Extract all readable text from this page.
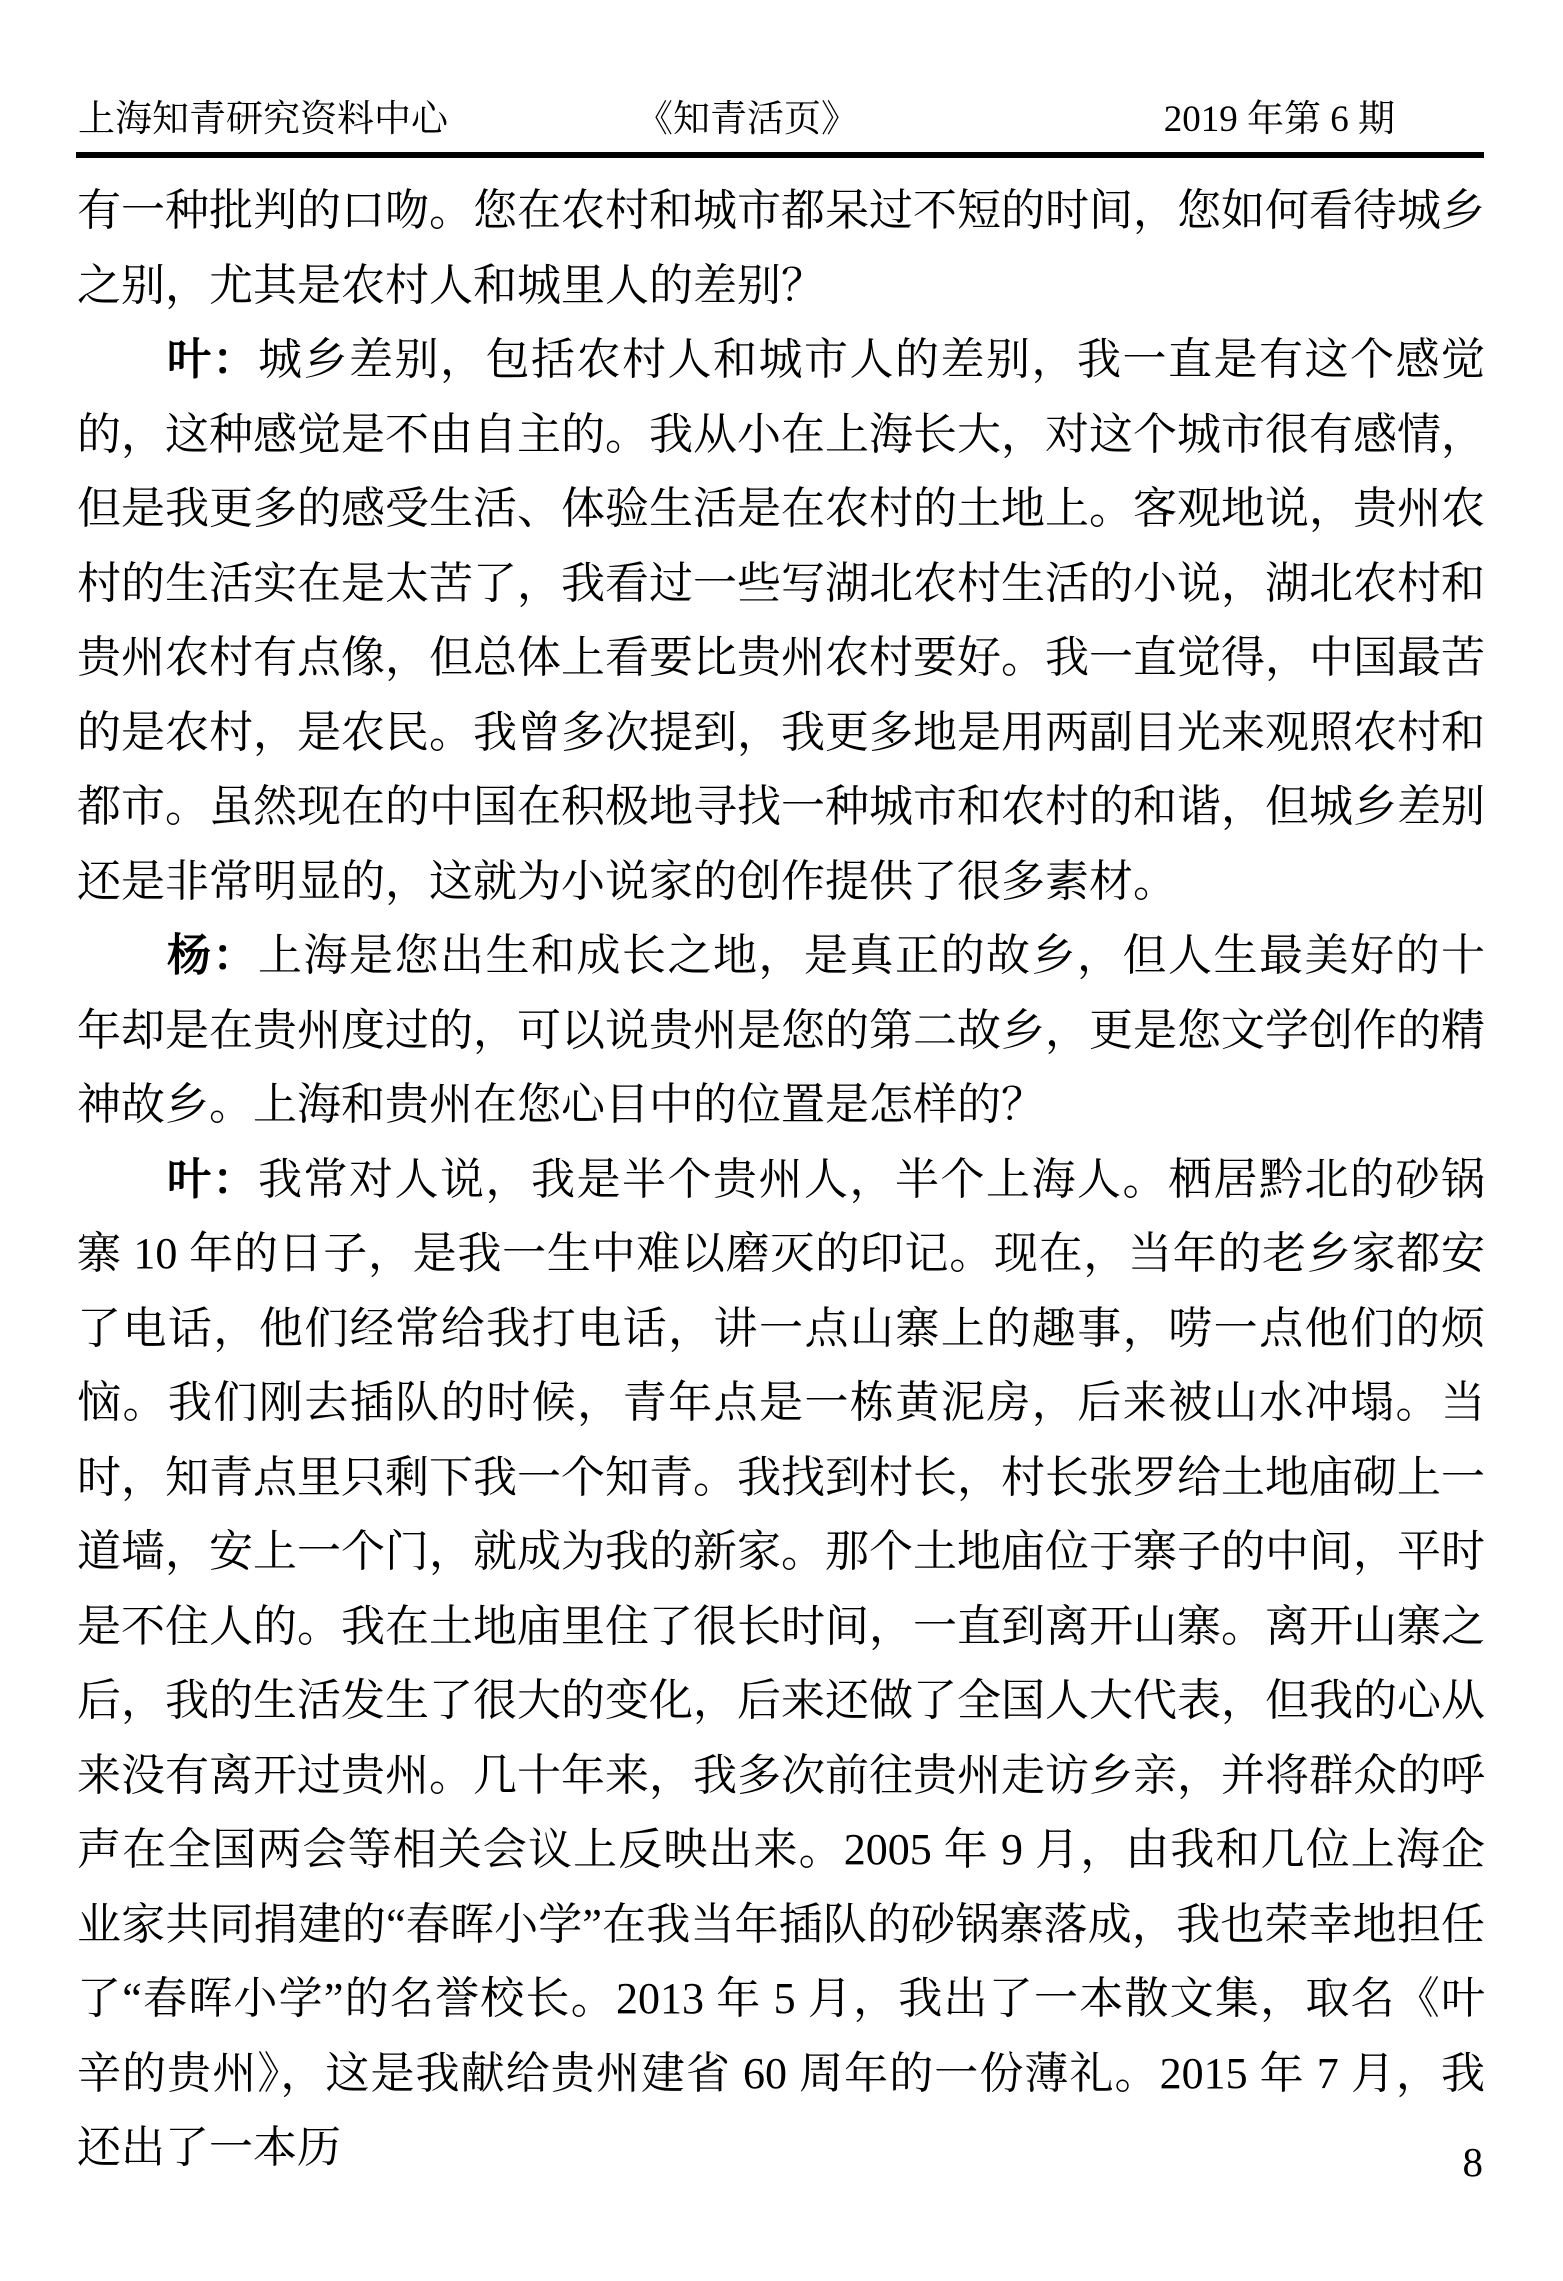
上海知青研究资料中心	《知青活页》	2019 年第 6 期

有一种批判的口吻。您在农村和城市都呆过不短的时间，您如何看待城乡之别，尤其是农村人和城里人的差别？

叶：城乡差别，包括农村人和城市人的差别，我一直是有这个感觉的，这种感觉是不由自主的。我从小在上海长大，对这个城市很有感情，但是我更多的感受生活、体验生活是在农村的土地上。客观地说，贵州农村的生活实在是太苦了，我看过一些写湖北农村生活的小说，湖北农村和贵州农村有点像，但总体上看要比贵州农村要好。我一直觉得，中国最苦的是农村，是农民。我曾多次提到，我更多地是用两副目光来观照农村和都市。虽然现在的中国在积极地寻找一种城市和农村的和谐，但城乡差别还是非常明显的，这就为小说家的创作提供了很多素材。

杨：上海是您出生和成长之地，是真正的故乡，但人生最美好的十年却是在贵州度过的，可以说贵州是您的第二故乡，更是您文学创作的精神故乡。上海和贵州在您心目中的位置是怎样的？

叶：我常对人说，我是半个贵州人，半个上海人。栖居黔北的砂锅寨 10 年的日子，是我一生中难以磨灭的印记。现在，当年的老乡家都安了电话，他们经常给我打电话，讲一点山寨上的趣事，唠一点他们的烦恼。我们刚去插队的时候，青年点是一栋黄泥房，后来被山水冲塌。当时，知青点里只剩下我一个知青。我找到村长，村长张罗给土地庙砌上一道墙，安上一个门，就成为我的新家。那个土地庙位于寨子的中间，平时是不住人的。我在土地庙里住了很长时间，一直到离开山寨。离开山寨之后，我的生活发生了很大的变化，后来还做了全国人大代表，但我的心从来没有离开过贵州。几十年来，我多次前往贵州走访乡亲，并将群众的呼声在全国两会等相关会议上反映出来。2005 年 9 月，由我和几位上海企业家共同捐建的“春晖小学”在我当年插队的砂锅寨落成，我也荣幸地担任了“春晖小学”的名誉校长。2013 年 5 月，我出了一本散文集，取名《叶辛的贵州》，这是我献给贵州建省 60 周年的一份薄礼。2015 年 7 月，我还出了一本历	8
